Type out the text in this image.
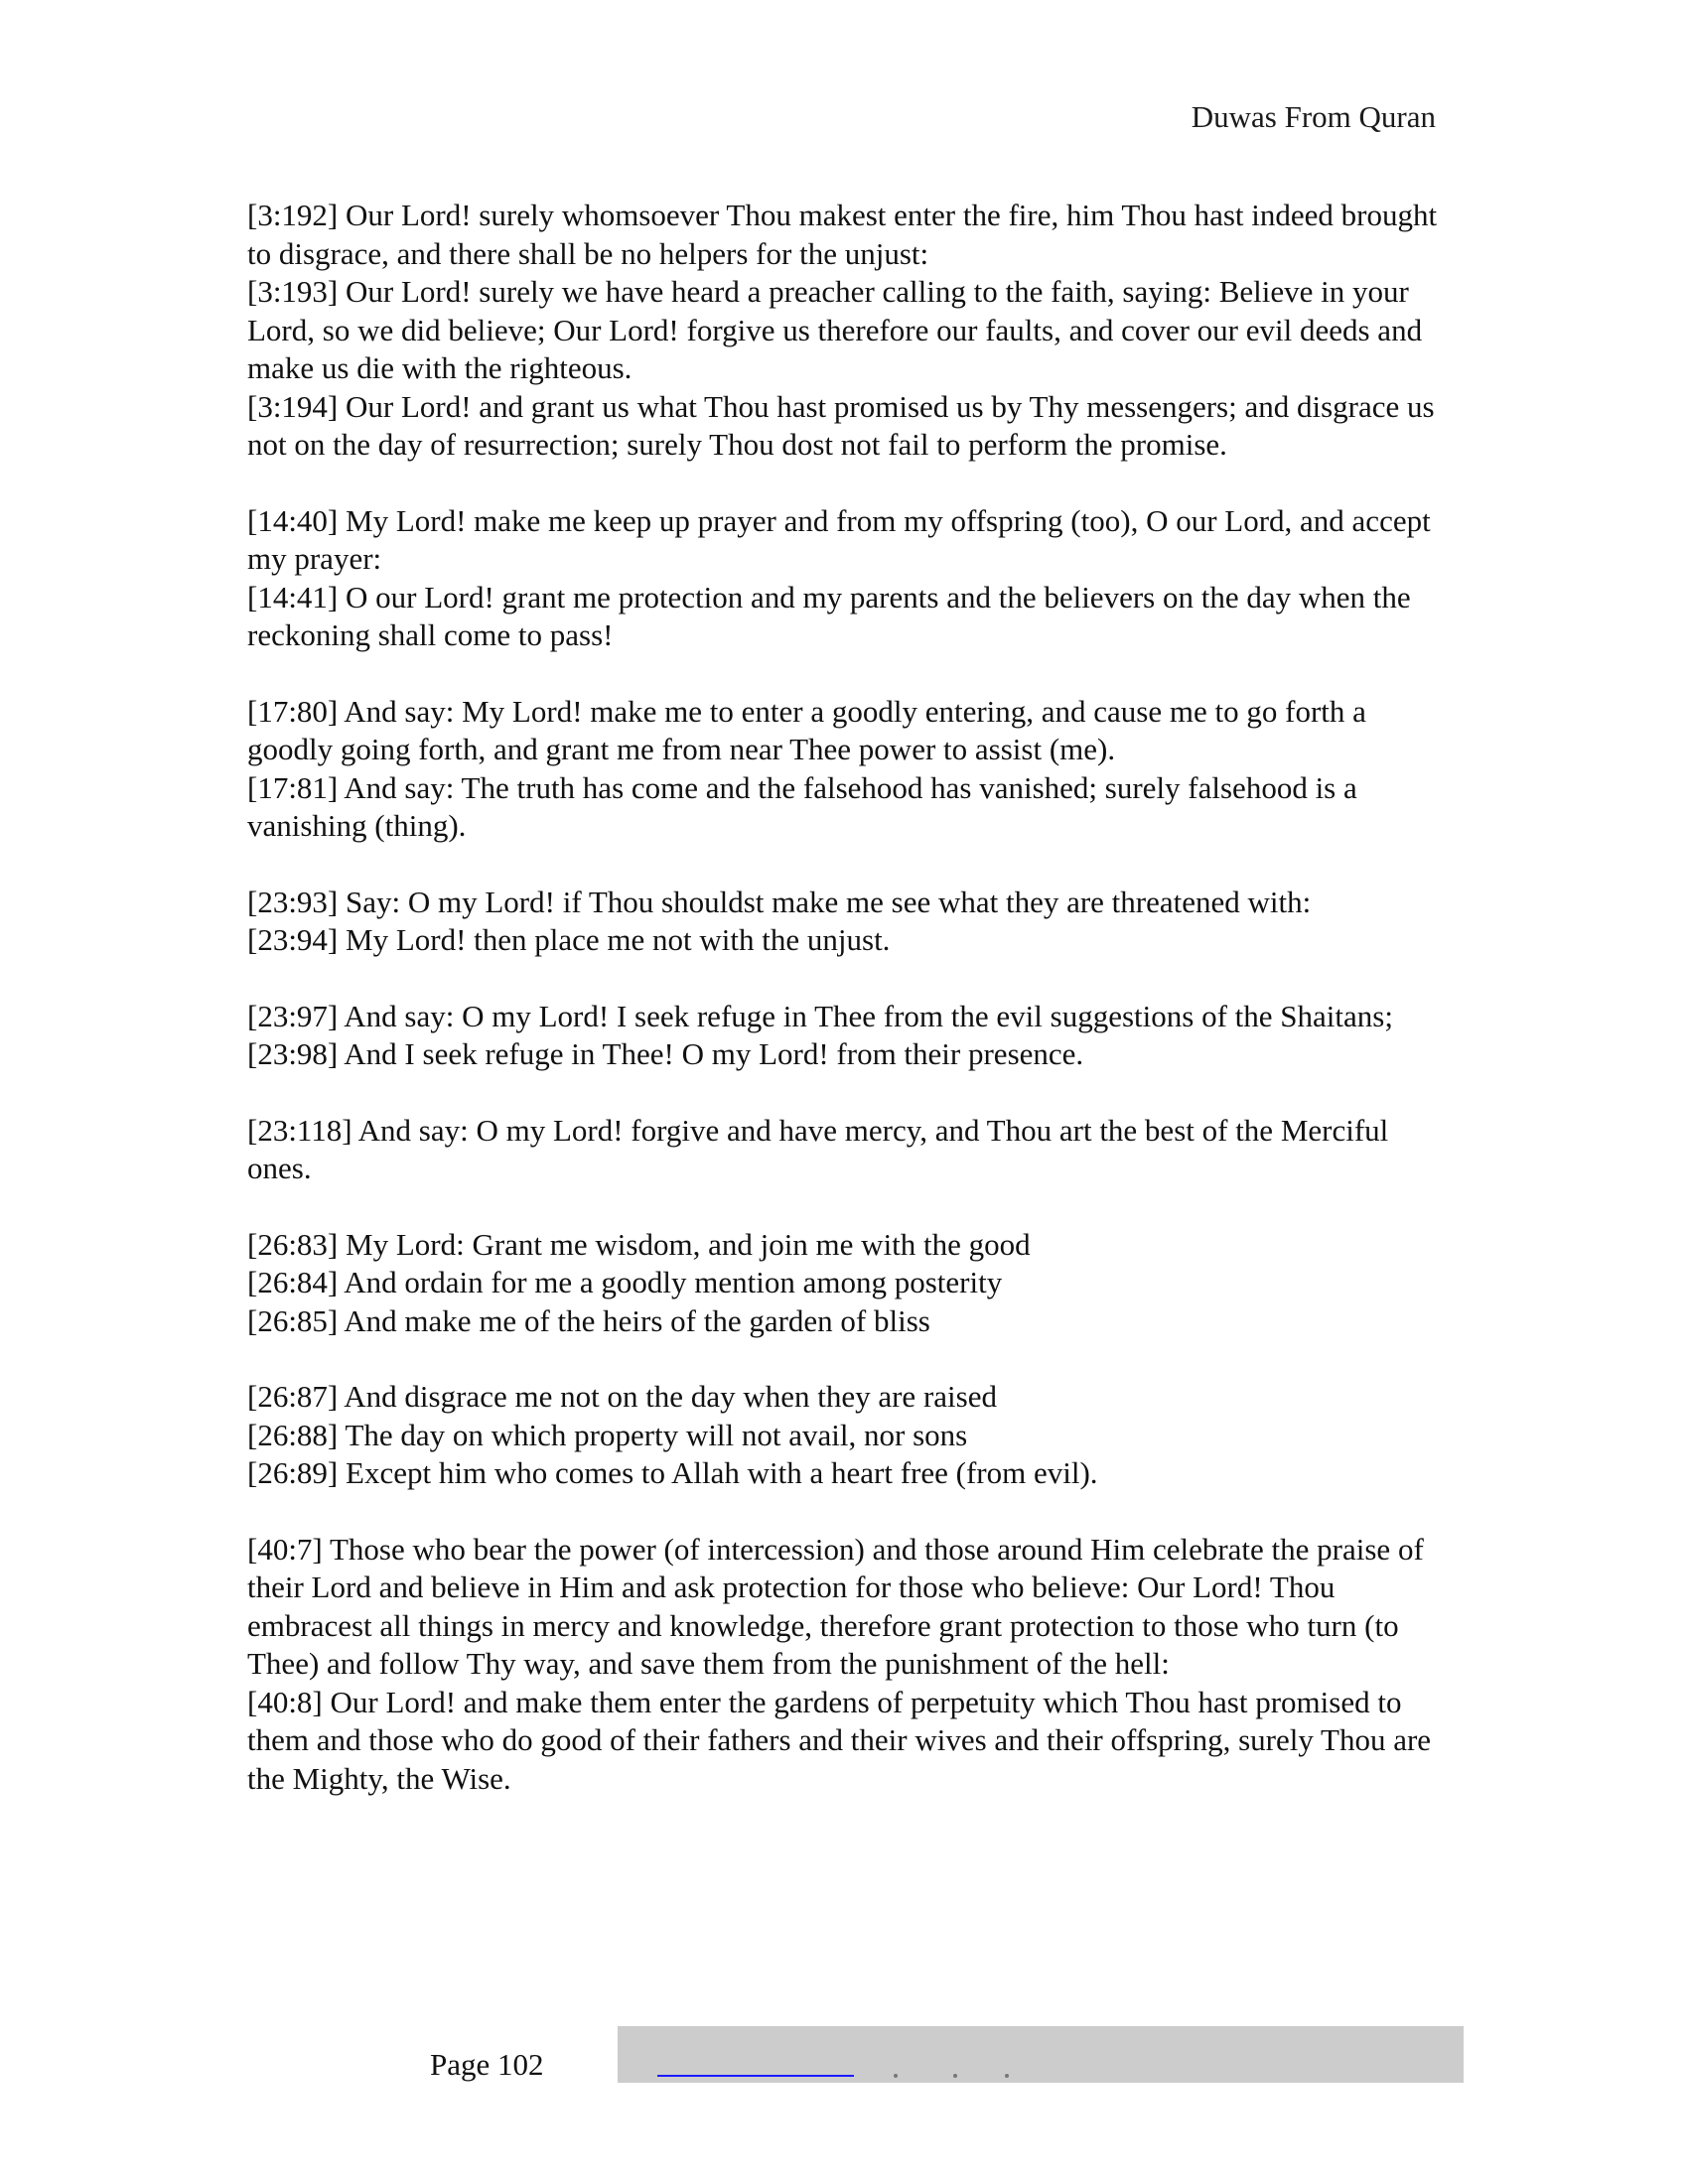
Duwas From Quran

[3:192] Our Lord! surely whomsoever Thou makest enter the fire, him Thou hast indeed brought to disgrace, and there shall be no helpers for the unjust:

[3:193] Our Lord! surely we have heard a preacher calling to the faith, saying: Believe in your Lord, so we did believe; Our Lord! forgive us therefore our faults, and cover our evil deeds and make us die with the righteous.

[3:194] Our Lord! and grant us what Thou hast promised us by Thy messengers; and disgrace us not on the day of resurrection; surely Thou dost not fail to perform the promise.

[14:40] My Lord! make me keep up prayer and from my offspring (too), O our Lord, and accept my prayer:

[14:41] O our Lord! grant me protection and my parents and the believers on the day when the reckoning shall come to pass!

[17:80] And say: My Lord! make me to enter a goodly entering, and cause me to go forth a goodly going forth, and grant me from near Thee power to assist (me).

[17:81] And say: The truth has come and the falsehood has vanished; surely falsehood is a vanishing (thing).

[23:93] Say: O my Lord! if Thou shouldst make me see what they are threatened with:

[23:94] My Lord! then place me not with the unjust.

[23:97] And say: O my Lord! I seek refuge in Thee from the evil suggestions of the Shaitans;

[23:98] And I seek refuge in Thee! O my Lord! from their presence.

[23:118] And say: O my Lord! forgive and have mercy, and Thou art the best of the Merciful ones.

[26:83] My Lord: Grant me wisdom, and join me with the good

[26:84] And ordain for me a goodly mention among posterity

[26:85] And make me of the heirs of the garden of bliss

[26:87] And disgrace me not on the day when they are raised

[26:88] The day on which property will not avail, nor sons

[26:89] Except him who comes to Allah with a heart free (from evil).

[40:7] Those who bear the power (of intercession) and those around Him celebrate the praise of their Lord and believe in Him and ask protection for those who believe: Our Lord! Thou embracest all things in mercy and knowledge, therefore grant protection to those who turn (to Thee) and follow Thy way, and save them from the punishment of the hell:

[40:8] Our Lord! and make them enter the gardens of perpetuity which Thou hast promised to them and those who do good of their fathers and their wives and their offspring, surely Thou are the Mighty, the Wise.

Page 102
